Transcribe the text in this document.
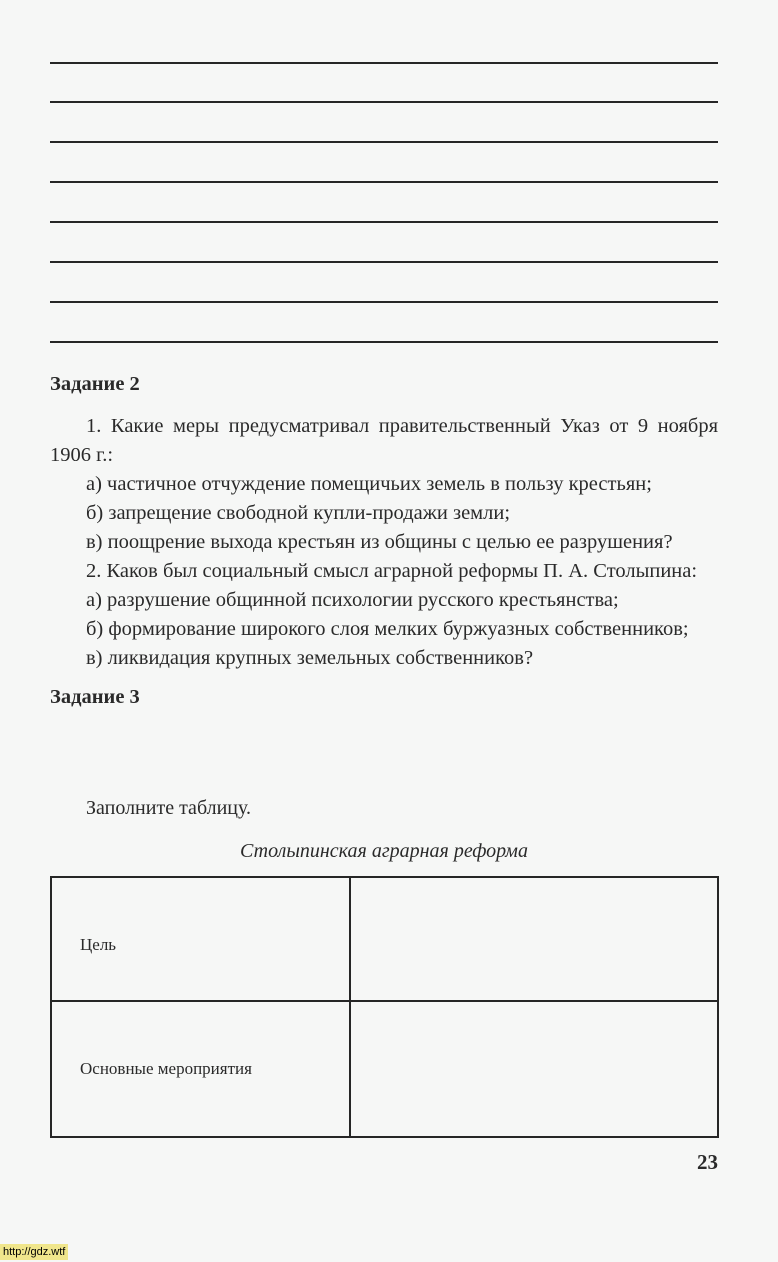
Задание 2

1. Какие меры предусматривал правительственный Указ от 9 ноября 1906 г.:

а) частичное отчуждение помещичьих земель в пользу крестьян;

б) запрещение свободной купли-продажи земли;

в) поощрение выхода крестьян из общины с целью ее разрушения?

2. Каков был социальный смысл аграрной реформы П. А. Столыпина:

а) разрушение общинной психологии русского крестьянства;

б) формирование широкого слоя мелких буржуазных собственников;

в) ликвидация крупных земельных собственников?

Задание 3
Заполните таблицу.
Столыпинская аграрная реформа
Цель	
Основные мероприятия	
23
http://gdz.wtf
